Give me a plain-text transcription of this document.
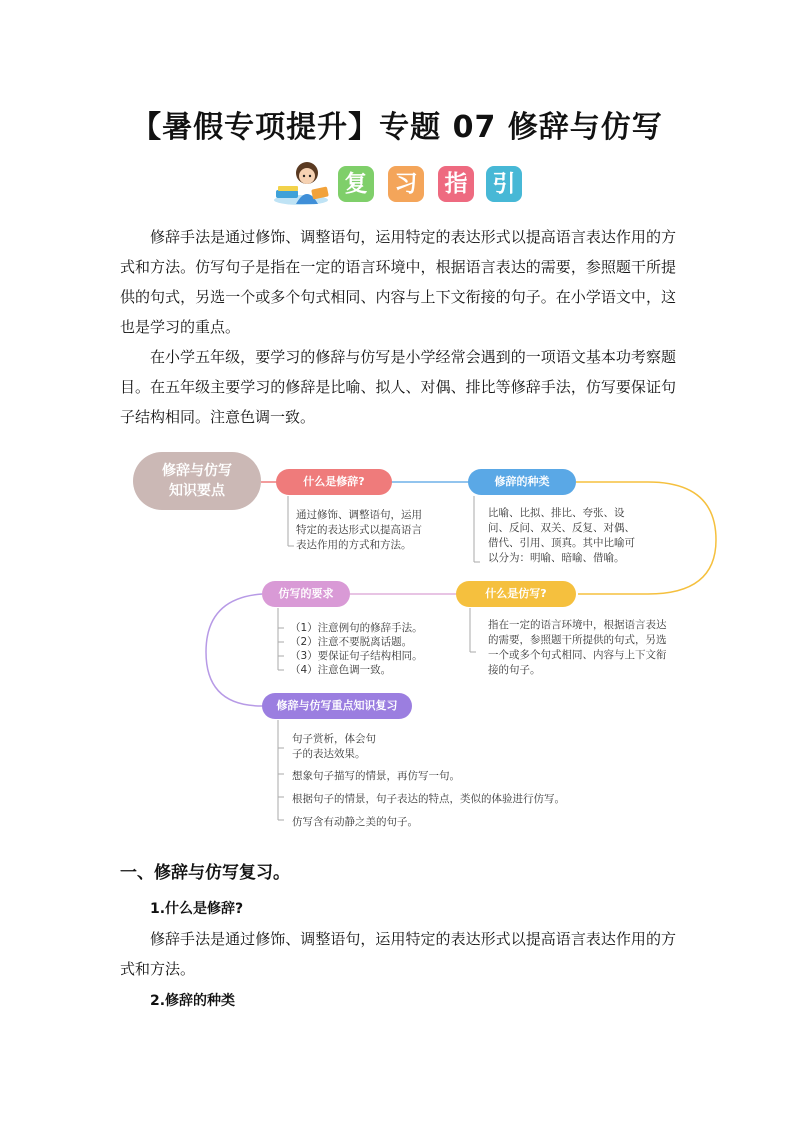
【暑假专项提升】专题 07 修辞与仿写
复 习 指 引

修辞手法是通过修饰、调整语句，运用特定的表达形式以提高语言表达作用的方式和方法。仿写句子是指在一定的语言环境中，根据语言表达的需要，参照题干所提供的句式，另选一个或多个句式相同、内容与上下文衔接的句子。在小学语文中，这也是学习的重点。

在小学五年级，要学习的修辞与仿写是小学经常会遇到的一项语文基本功考察题目。在五年级主要学习的修辞是比喻、拟人、对偶、排比等修辞手法，仿写要保证句子结构相同。注意色调一致。

修辞与仿写
知识要点
什么是修辞?
通过修饰、调整语句，运用
特定的表达形式以提高语言
表达作用的方式和方法。
修辞的种类
比喻、比拟、排比、夸张、设
问、反问、双关、反复、对偶、
借代、引用、顶真。其中比喻可
以分为：明喻、暗喻、借喻。
什么是仿写?
指在一定的语言环境中，根据语言表达
的需要，参照题干所提供的句式，另选
一个或多个句式相同、内容与上下文衔
接的句子。
仿写的要求
（1）注意例句的修辞手法。
（2）注意不要脱离话题。
（3）要保证句子结构相同。
（4）注意色调一致。
修辞与仿写重点知识复习
句子赏析，体会句
子的表达效果。
想象句子描写的情景，再仿写一句。
根据句子的情景，句子表达的特点，类似的体验进行仿写。
仿写含有动静之美的句子。
一、修辞与仿写复习。

1.什么是修辞?

修辞手法是通过修饰、调整语句，运用特定的表达形式以提高语言表达作用的方式和方法。

2.修辞的种类
